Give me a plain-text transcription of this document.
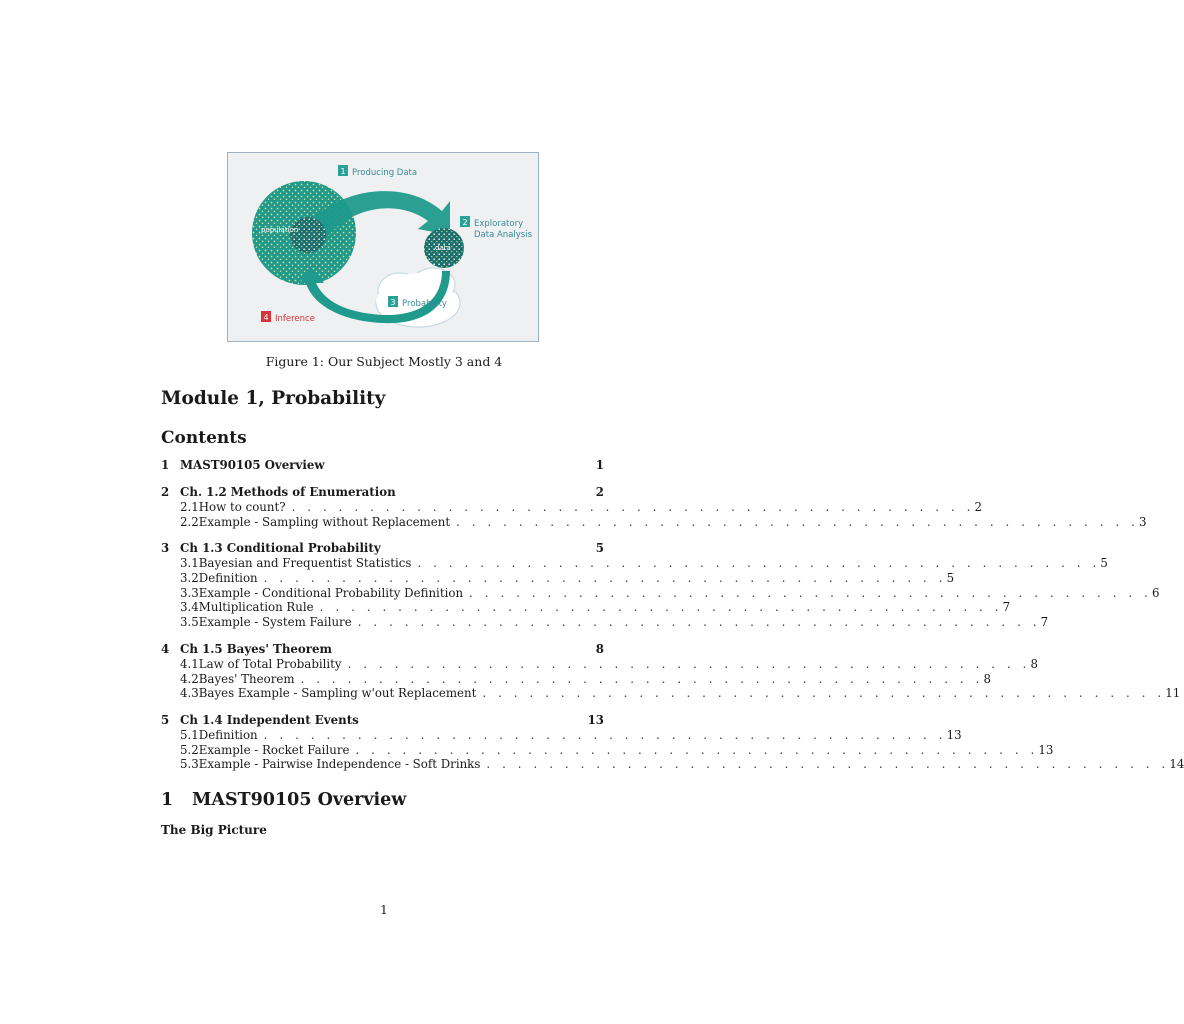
population
data
1 Producing Data
2 Exploratory
Data Analysis
3 Probability
4 Inference
Figure 1: Our Subject Mostly 3 and 4
Module 1, Probability
Contents
1 MAST90105 Overview	1
2 Ch. 1.2 Methods of Enumeration	2
2.1 How to count? . . . . . . . . . . . . . . . . . . . . . . . . . . . . . . . . . . . . . . . . . . . . 2
2.2 Example - Sampling without Replacement . . . . . . . . . . . . . . . . . . . . . . . . . . . . . . . . . . . . . . . . . . . . 3
3 Ch 1.3 Conditional Probability	5
3.1 Bayesian and Frequentist Statistics . . . . . . . . . . . . . . . . . . . . . . . . . . . . . . . . . . . . . . . . . . . . 5
3.2 Definition . . . . . . . . . . . . . . . . . . . . . . . . . . . . . . . . . . . . . . . . . . . . 5
3.3 Example - Conditional Probability Definition . . . . . . . . . . . . . . . . . . . . . . . . . . . . . . . . . . . . . . . . . . . . 6
3.4 Multiplication Rule . . . . . . . . . . . . . . . . . . . . . . . . . . . . . . . . . . . . . . . . . . . . 7
3.5 Example - System Failure . . . . . . . . . . . . . . . . . . . . . . . . . . . . . . . . . . . . . . . . . . . . 7
4 Ch 1.5 Bayes' Theorem	8
4.1 Law of Total Probability . . . . . . . . . . . . . . . . . . . . . . . . . . . . . . . . . . . . . . . . . . . . 8
4.2 Bayes' Theorem . . . . . . . . . . . . . . . . . . . . . . . . . . . . . . . . . . . . . . . . . . . . 8
4.3 Bayes Example - Sampling w'out Replacement . . . . . . . . . . . . . . . . . . . . . . . . . . . . . . . . . . . . . . . . . . . . 11
5 Ch 1.4 Independent Events	13
5.1 Definition . . . . . . . . . . . . . . . . . . . . . . . . . . . . . . . . . . . . . . . . . . . . 13
5.2 Example - Rocket Failure . . . . . . . . . . . . . . . . . . . . . . . . . . . . . . . . . . . . . . . . . . . . 13
5.3 Example - Pairwise Independence - Soft Drinks . . . . . . . . . . . . . . . . . . . . . . . . . . . . . . . . . . . . . . . . . . . . 14
1 MAST90105 Overview
The Big Picture
1
